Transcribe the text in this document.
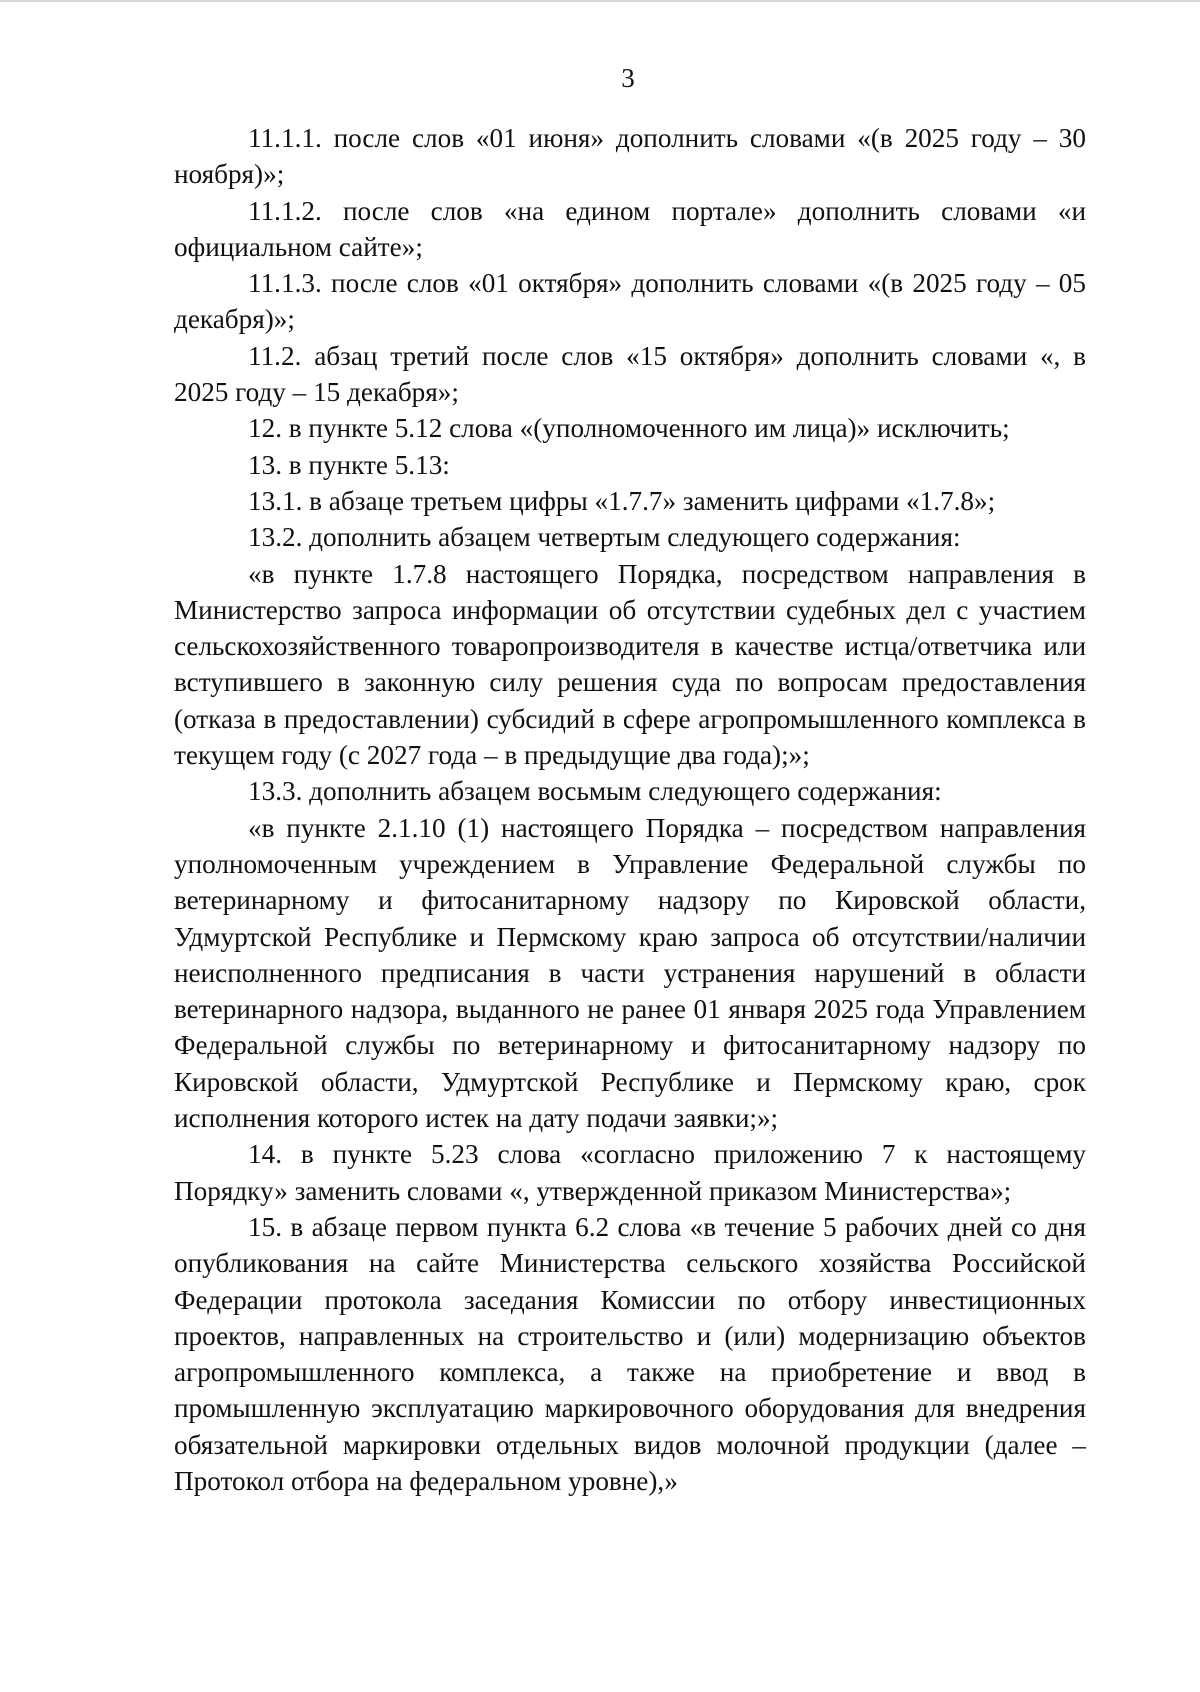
3

11.1.1. после слов «01 июня» дополнить словами «(в 2025 году – 30 ноября)»;

11.1.2. после слов «на едином портале» дополнить словами «и официальном сайте»;

11.1.3. после слов «01 октября» дополнить словами «(в 2025 году – 05 декабря)»;

11.2. абзац третий после слов «15 октября» дополнить словами «, в 2025 году – 15 декабря»;

12. в пункте 5.12 слова «(уполномоченного им лица)» исключить;

13. в пункте 5.13:

13.1. в абзаце третьем цифры «1.7.7» заменить цифрами «1.7.8»;

13.2. дополнить абзацем четвертым следующего содержания:

«в пункте 1.7.8 настоящего Порядка, посредством направления в Министерство запроса информации об отсутствии судебных дел с участием сельскохозяйственного товаропроизводителя в качестве истца/ответчика или вступившего в законную силу решения суда по вопросам предоставления (отказа в предоставлении) субсидий в сфере агропромышленного комплекса в текущем году (с 2027 года – в предыдущие два года);»;

13.3. дополнить абзацем восьмым следующего содержания:

«в пункте 2.1.10 (1) настоящего Порядка – посредством направления уполномоченным учреждением в Управление Федеральной службы по ветеринарному и фитосанитарному надзору по Кировской области, Удмуртской Республике и Пермскому краю запроса об отсутствии/наличии неисполненного предписания в части устранения нарушений в области ветеринарного надзора, выданного не ранее 01 января 2025 года Управлением Федеральной службы по ветеринарному и фитосанитарному надзору по Кировской области, Удмуртской Республике и Пермскому краю, срок исполнения которого истек на дату подачи заявки;»;

14. в пункте 5.23 слова «согласно приложению 7 к настоящему Порядку» заменить словами «, утвержденной приказом Министерства»;

15. в абзаце первом пункта 6.2 слова «в течение 5 рабочих дней со дня опубликования на сайте Министерства сельского хозяйства Российской Федерации протокола заседания Комиссии по отбору инвестиционных проектов, направленных на строительство и (или) модернизацию объектов агропромышленного комплекса, а также на приобретение и ввод в промышленную эксплуатацию маркировочного оборудования для внедрения обязательной маркировки отдельных видов молочной продукции (далее – Протокол отбора на федеральном уровне),»
